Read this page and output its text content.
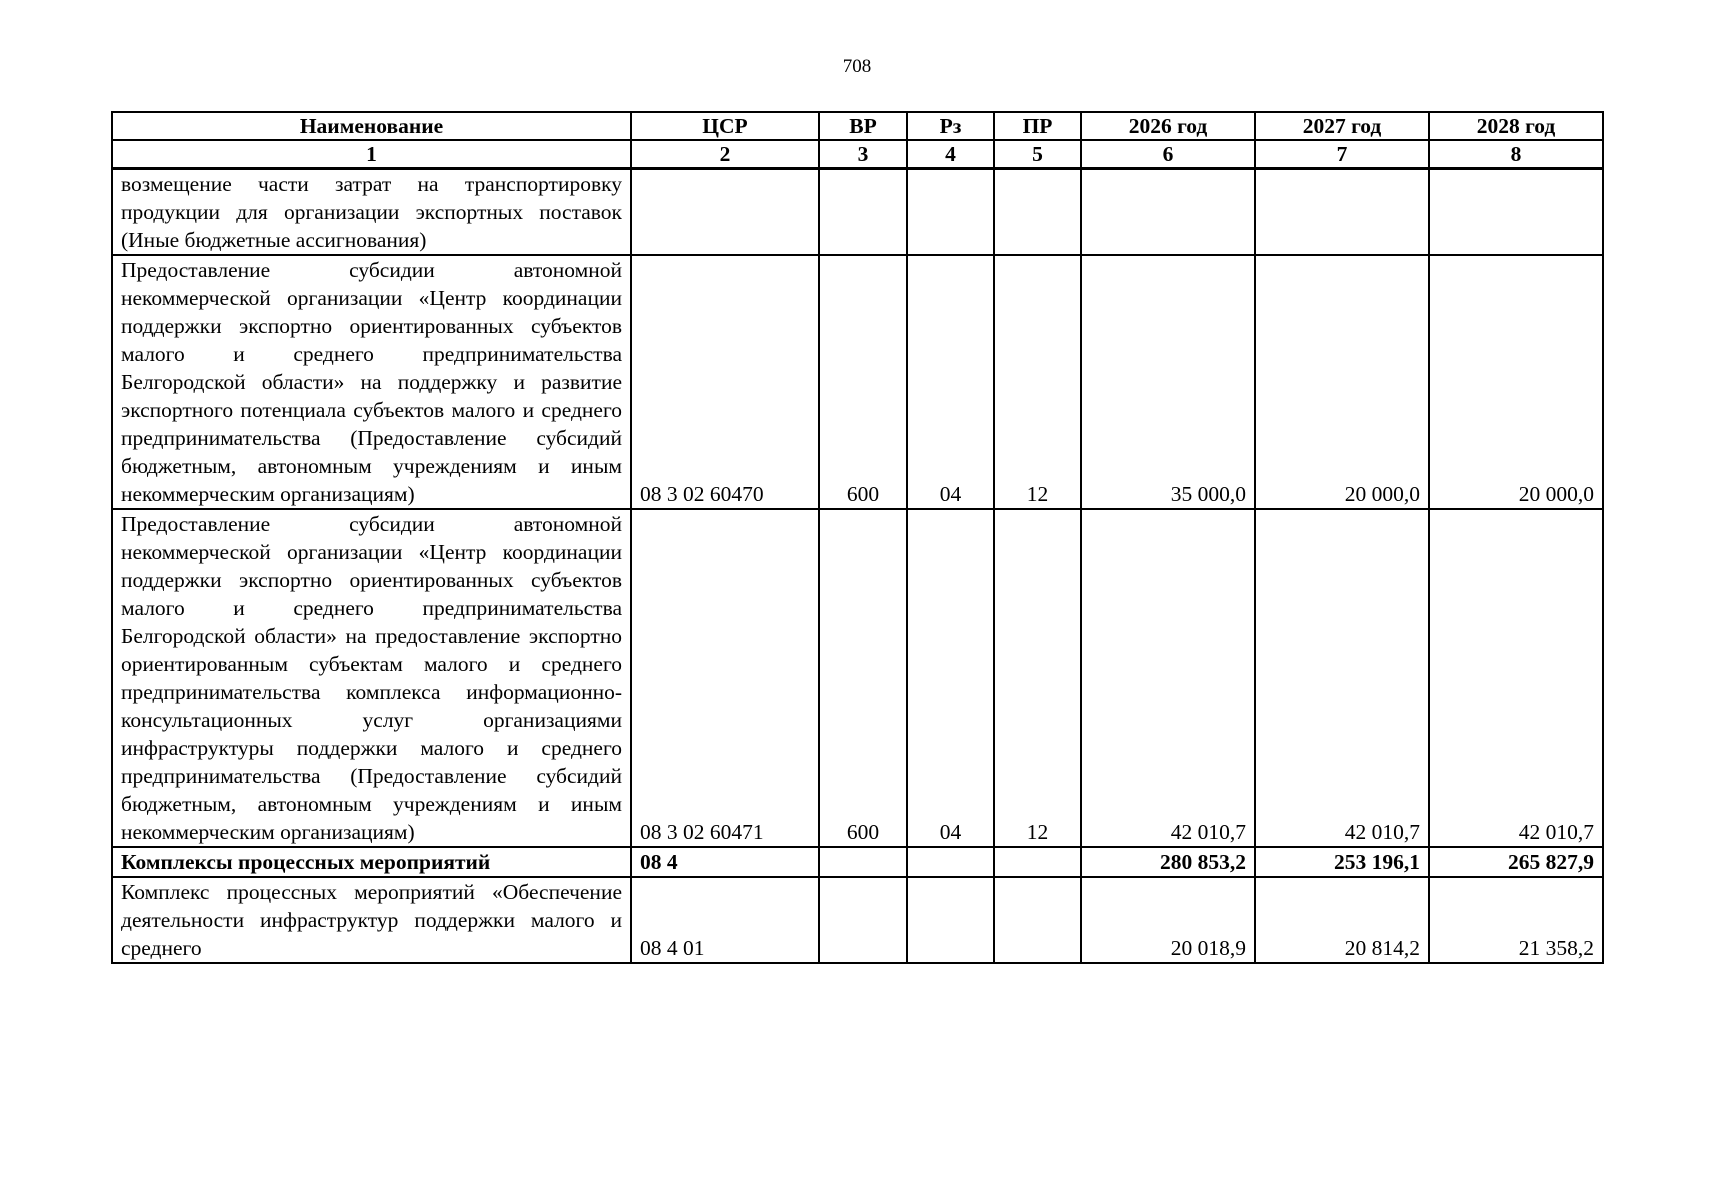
708
Наименование	ЦСР	ВР	Рз	ПР	2026 год	2027 год	2028 год
1	2	3	4	5	6	7	8
возмещение части затрат на транспортировку продукции для организации экспортных поставок (Иные бюджетные ассигнования)							
Предоставление субсидии автономной некоммерческой организации «Центр координации поддержки экспортно ориентированных субъектов малого и среднего предпринимательства Белгородской области» на поддержку и развитие экспортного потенциала субъектов малого и среднего предпринимательства (Предоставление субсидий бюджетным, автономным учреждениям и иным некоммерческим организациям)	08 3 02 60470	600	04	12	35 000,0	20 000,0	20 000,0
Предоставление субсидии автономной некоммерческой организации «Центр координации поддержки экспортно ориентированных субъектов малого и среднего предпринимательства Белгородской области» на предоставление экспортно ориентированным субъектам малого и среднего предпринимательства комплекса информационно-консультационных услуг организациями инфраструктуры поддержки малого и среднего предпринимательства (Предоставление субсидий бюджетным, автономным учреждениям и иным некоммерческим организациям)	08 3 02 60471	600	04	12	42 010,7	42 010,7	42 010,7
Комплексы процессных мероприятий	08 4				280 853,2	253 196,1	265 827,9
Комплекс процессных мероприятий «Обеспечение деятельности инфраструктур поддержки малого и среднего	08 4 01				20 018,9	20 814,2	21 358,2
